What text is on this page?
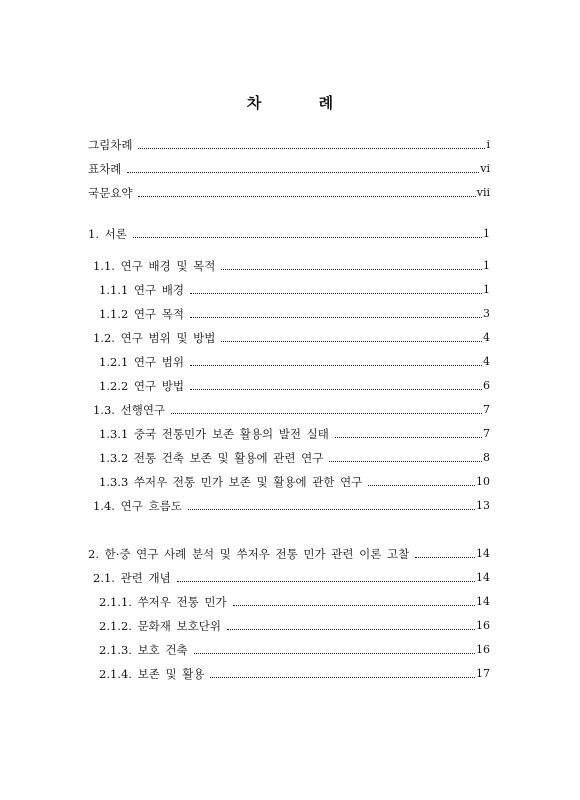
차 례
그림차례	i
표차례	vi
국문요약	vii
1. 서론	1
1.1. 연구 배경 및 목적	1
1.1.1 연구 배경	1
1.1.2 연구 목적	3
1.2. 연구 범위 및 방법	4
1.2.1 연구 범위	4
1.2.2 연구 방법	6
1.3. 선행연구	7
1.3.1 중국 전통민가 보존 활용의 발전 실태	7
1.3.2 전통 건축 보존 및 활용에 관련 연구	8
1.3.3 쑤저우 전통 민가 보존 및 활용에 관한 연구	10
1.4. 연구 흐름도	13
2. 한·중 연구 사례 분석 및 쑤저우 전통 민가 관련 이론 고찰	14
2.1. 관련 개념	14
2.1.1. 쑤저우 전통 민가	14
2.1.2. 문화재 보호단위	16
2.1.3. 보호 건축	16
2.1.4. 보존 및 활용	17
